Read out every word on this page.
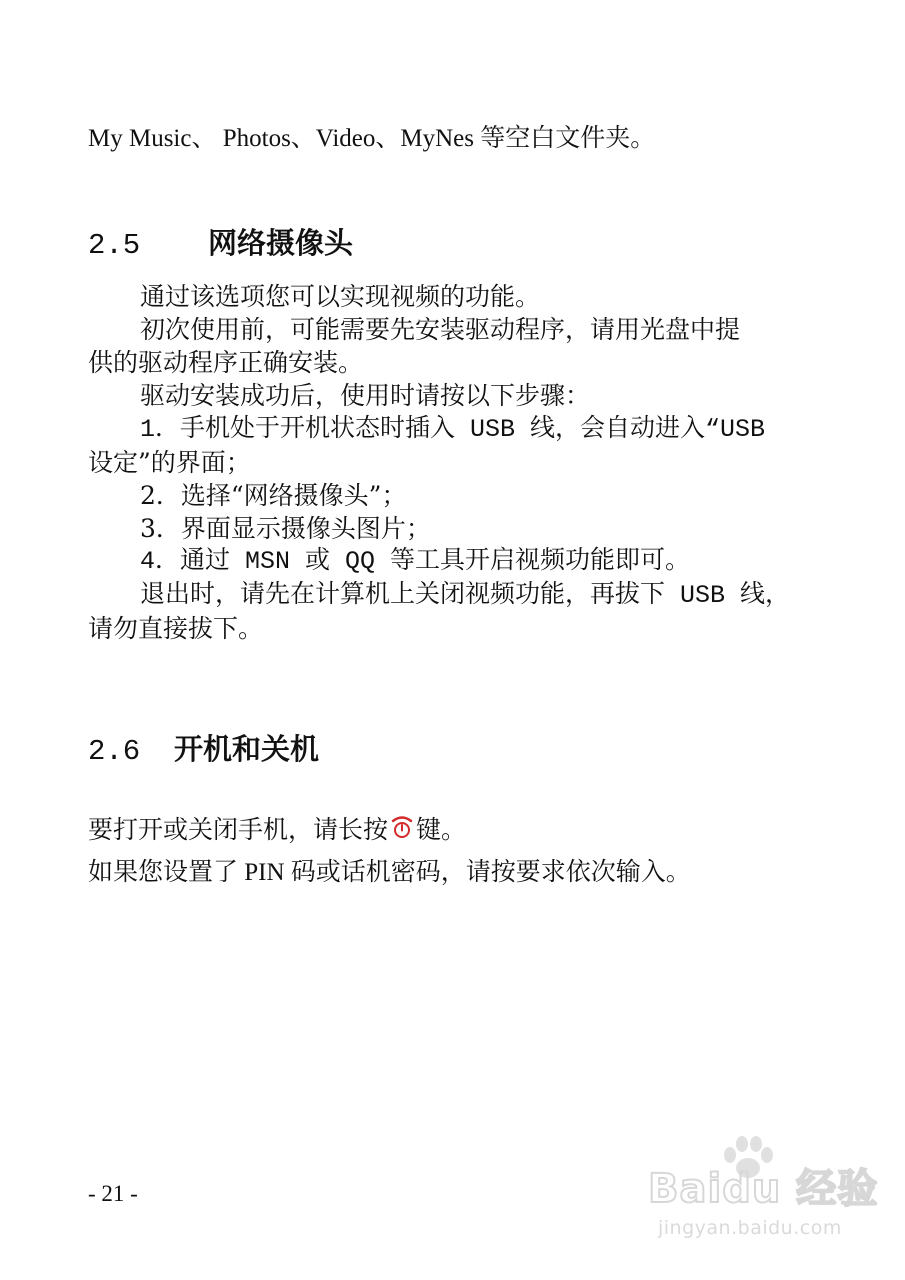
My Music、 Photos、Video、MyNes 等空白文件夹。
2.5 网络摄像头
通过该选项您可以实现视频的功能。
初次使用前，可能需要先安装驱动程序，请用光盘中提
供的驱动程序正确安装。
驱动安装成功后，使用时请按以下步骤：
1．手机处于开机状态时插入 USB 线，会自动进入“USB
设定”的界面；
2．选择“网络摄像头”；
3．界面显示摄像头图片；
4．通过 MSN 或 QQ 等工具开启视频功能即可。
退出时，请先在计算机上关闭视频功能，再拔下 USB 线，
请勿直接拔下。
2.6 开机和关机
要打开或关闭手机，请长按 键。
如果您设置了 PIN 码或话机密码，请按要求依次输入。
- 21 -	Baidu 经验
jingyan.baidu.com
